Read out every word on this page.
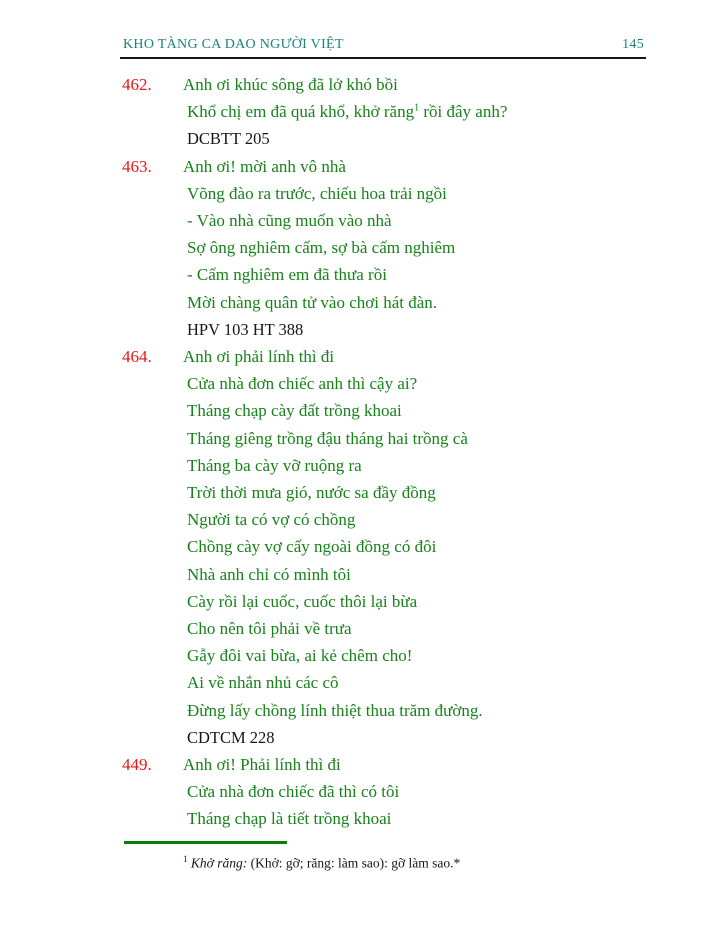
KHO TÀNG CA DAO NGƯỜI VIỆT	145
462.	Anh ơi khúc sông đã lở khó bồi

Khổ chị em đã quá khổ, khở răng$^1$ rồi đây anh?

DCBTT 205

463.	Anh ơi! mời anh vô nhà

Võng đào ra trước, chiếu hoa trải ngồi

- Vào nhà cũng muốn vào nhà

Sợ ông nghiêm cấm, sợ bà cấm nghiêm

- Cấm nghiêm em đã thưa rồi

Mời chàng quân tử vào chơi hát đàn.

HPV 103 HT 388

464.	Anh ơi phải lính thì đi

Cửa nhà đơn chiếc anh thì cậy ai?

Tháng chạp cày đất trồng khoai

Tháng giêng trồng đậu tháng hai trồng cà

Tháng ba cày vỡ ruộng ra

Trời thời mưa gió, nước sa đầy đồng

Người ta có vợ có chồng

Chồng cày vợ cấy ngoài đồng có đôi

Nhà anh chỉ có mình tôi

Cày rồi lại cuốc, cuốc thôi lại bừa

Cho nên tôi phải về trưa

Gẫy đôi vai bừa, ai kẻ chêm cho!

Ai về nhắn nhủ các cô

Đừng lấy chồng lính thiệt thua trăm đường.

CDTCM 228

449.	Anh ơi! Phải lính thì đi

Cửa nhà đơn chiếc đã thì có tôi

Tháng chạp là tiết trồng khoai

$^1$ Khở răng: (Khở: gỡ; răng: làm sao): gỡ làm sao.*
